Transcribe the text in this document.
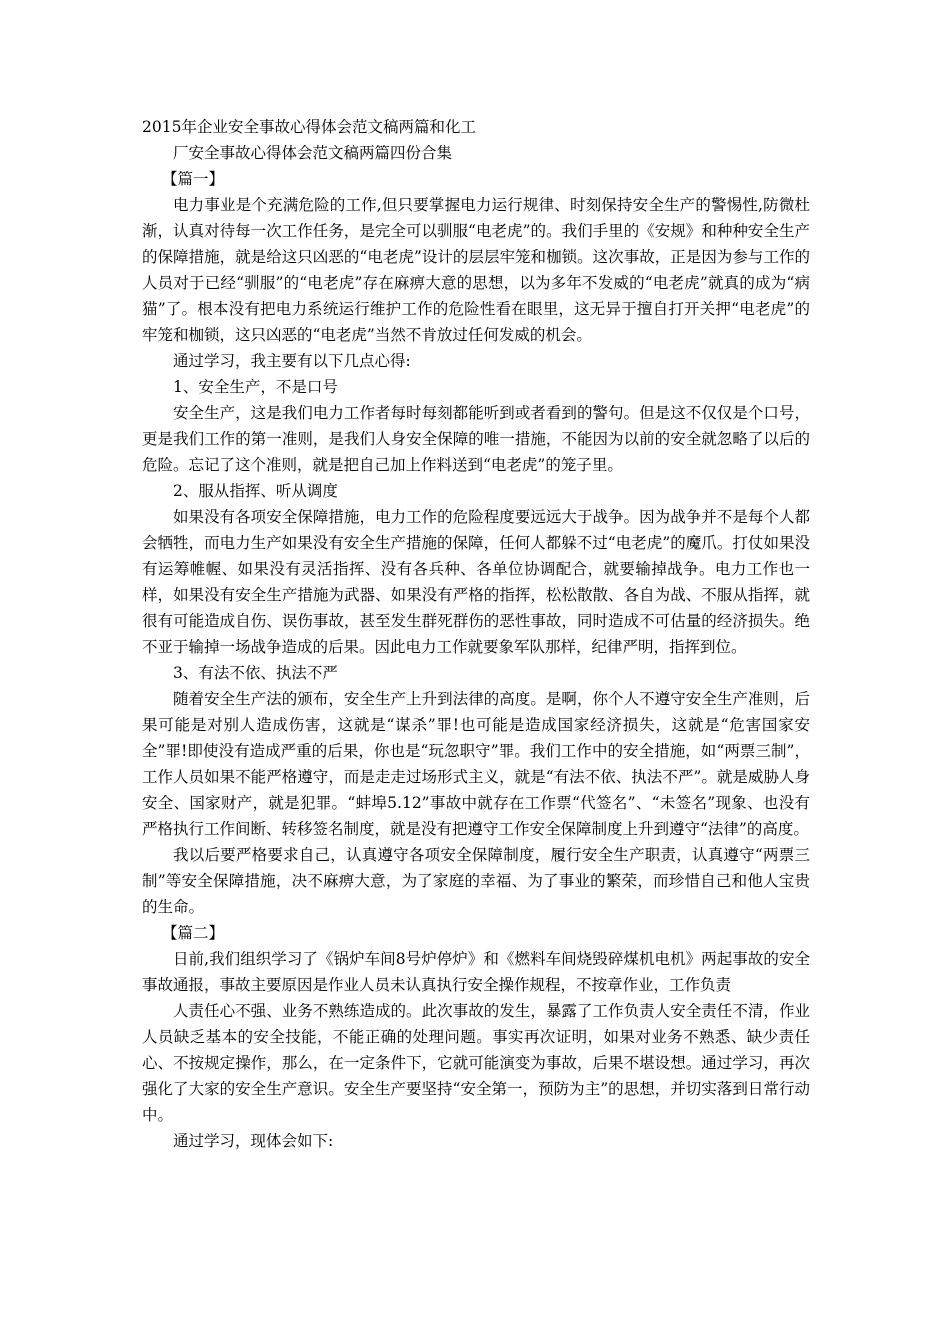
2015年企业安全事故心得体会范文稿两篇和化工
厂安全事故心得体会范文稿两篇四份合集
【篇一】

电力事业是个充满危险的工作,但只要掌握电力运行规律、时刻保持安全生产的警惕性,防微杜渐，认真对待每一次工作任务，是完全可以驯服“电老虎”的。我们手里的《安规》和种种安全生产的保障措施，就是给这只凶恶的“电老虎”设计的层层牢笼和枷锁。这次事故，正是因为参与工作的人员对于已经“驯服”的“电老虎”存在麻痹大意的思想，以为多年不发威的“电老虎”就真的成为“病猫”了。根本没有把电力系统运行维护工作的危险性看在眼里，这无异于擅自打开关押“电老虎”的牢笼和枷锁，这只凶恶的“电老虎”当然不肯放过任何发威的机会。

通过学习，我主要有以下几点心得:

1、安全生产，不是口号

安全生产，这是我们电力工作者每时每刻都能听到或者看到的警句。但是这不仅仅是个口号，更是我们工作的第一准则，是我们人身安全保障的唯一措施，不能因为以前的安全就忽略了以后的危险。忘记了这个准则，就是把自己加上作料送到“电老虎”的笼子里。

2、服从指挥、听从调度

如果没有各项安全保障措施，电力工作的危险程度要远远大于战争。因为战争并不是每个人都会牺牲，而电力生产如果没有安全生产措施的保障，任何人都躲不过“电老虎”的魔爪。打仗如果没有运筹帷幄、如果没有灵活指挥、没有各兵种、各单位协调配合，就要输掉战争。电力工作也一样，如果没有安全生产措施为武器、如果没有严格的指挥，松松散散、各自为战、不服从指挥，就很有可能造成自伤、误伤事故，甚至发生群死群伤的恶性事故，同时造成不可估量的经济损失。绝不亚于输掉一场战争造成的后果。因此电力工作就要象军队那样，纪律严明，指挥到位。

3、有法不依、执法不严

随着安全生产法的颁布，安全生产上升到法律的高度。是啊，你个人不遵守安全生产准则，后果可能是对别人造成伤害，这就是“谋杀”罪!也可能是造成国家经济损失，这就是“危害国家安全”罪!即使没有造成严重的后果，你也是“玩忽职守”罪。我们工作中的安全措施，如“两票三制”，工作人员如果不能严格遵守，而是走走过场形式主义，就是“有法不依、执法不严”。就是威胁人身安全、国家财产，就是犯罪。“蚌埠5.12”事故中就存在工作票“代签名”、“未签名”现象、也没有严格执行工作间断、转移签名制度，就是没有把遵守工作安全保障制度上升到遵守“法律”的高度。

我以后要严格要求自己，认真遵守各项安全保障制度，履行安全生产职责，认真遵守“两票三制”等安全保障措施，决不麻痹大意，为了家庭的幸福、为了事业的繁荣，而珍惜自己和他人宝贵的生命。

【篇二】

日前,我们组织学习了《锅炉车间8号炉停炉》和《燃料车间烧毁碎煤机电机》两起事故的安全事故通报，事故主要原因是作业人员未认真执行安全操作规程，不按章作业，工作负责

人责任心不强、业务不熟练造成的。此次事故的发生，暴露了工作负责人安全责任不清，作业人员缺乏基本的安全技能，不能正确的处理问题。事实再次证明，如果对业务不熟悉、缺少责任心、不按规定操作，那么，在一定条件下，它就可能演变为事故，后果不堪设想。通过学习，再次强化了大家的安全生产意识。安全生产要坚持“安全第一，预防为主”的思想，并切实落到日常行动中。

通过学习，现体会如下:
